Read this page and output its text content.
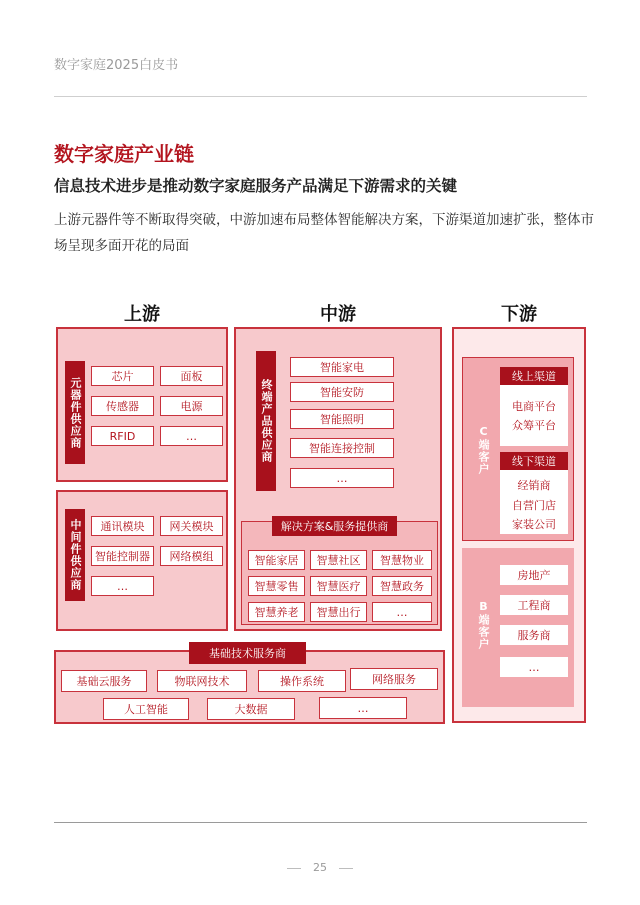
数字家庭2025白皮书
数字家庭产业链
信息技术进步是推动数字家庭服务产品满足下游需求的关键
上游元器件等不断取得突破，中游加速布局整体智能解决方案，下游渠道加速扩张，整体市场呈现多面开花的局面
上游	中游	下游
元器件供应商	芯片	面板
传感器	电源
RFID	…
中间件供应商	通讯模块	网关模块
智能控制器	网络模组
…
终端产品供应商
智能家电
智能安防
智能照明
智能连接控制
…
解决方案&服务提供商
智能家居	智慧社区	智慧物业
智慧零售	智慧医疗	智慧政务
智慧养老	智慧出行	…
基础技术服务商
基础云服务	物联网技术	操作系统	网络服务
人工智能	大数据	…
C端客户
线上渠道
电商平台
众筹平台
线下渠道
经销商
自营门店
家装公司
B端客户
房地产
工程商
服务商
…
25
